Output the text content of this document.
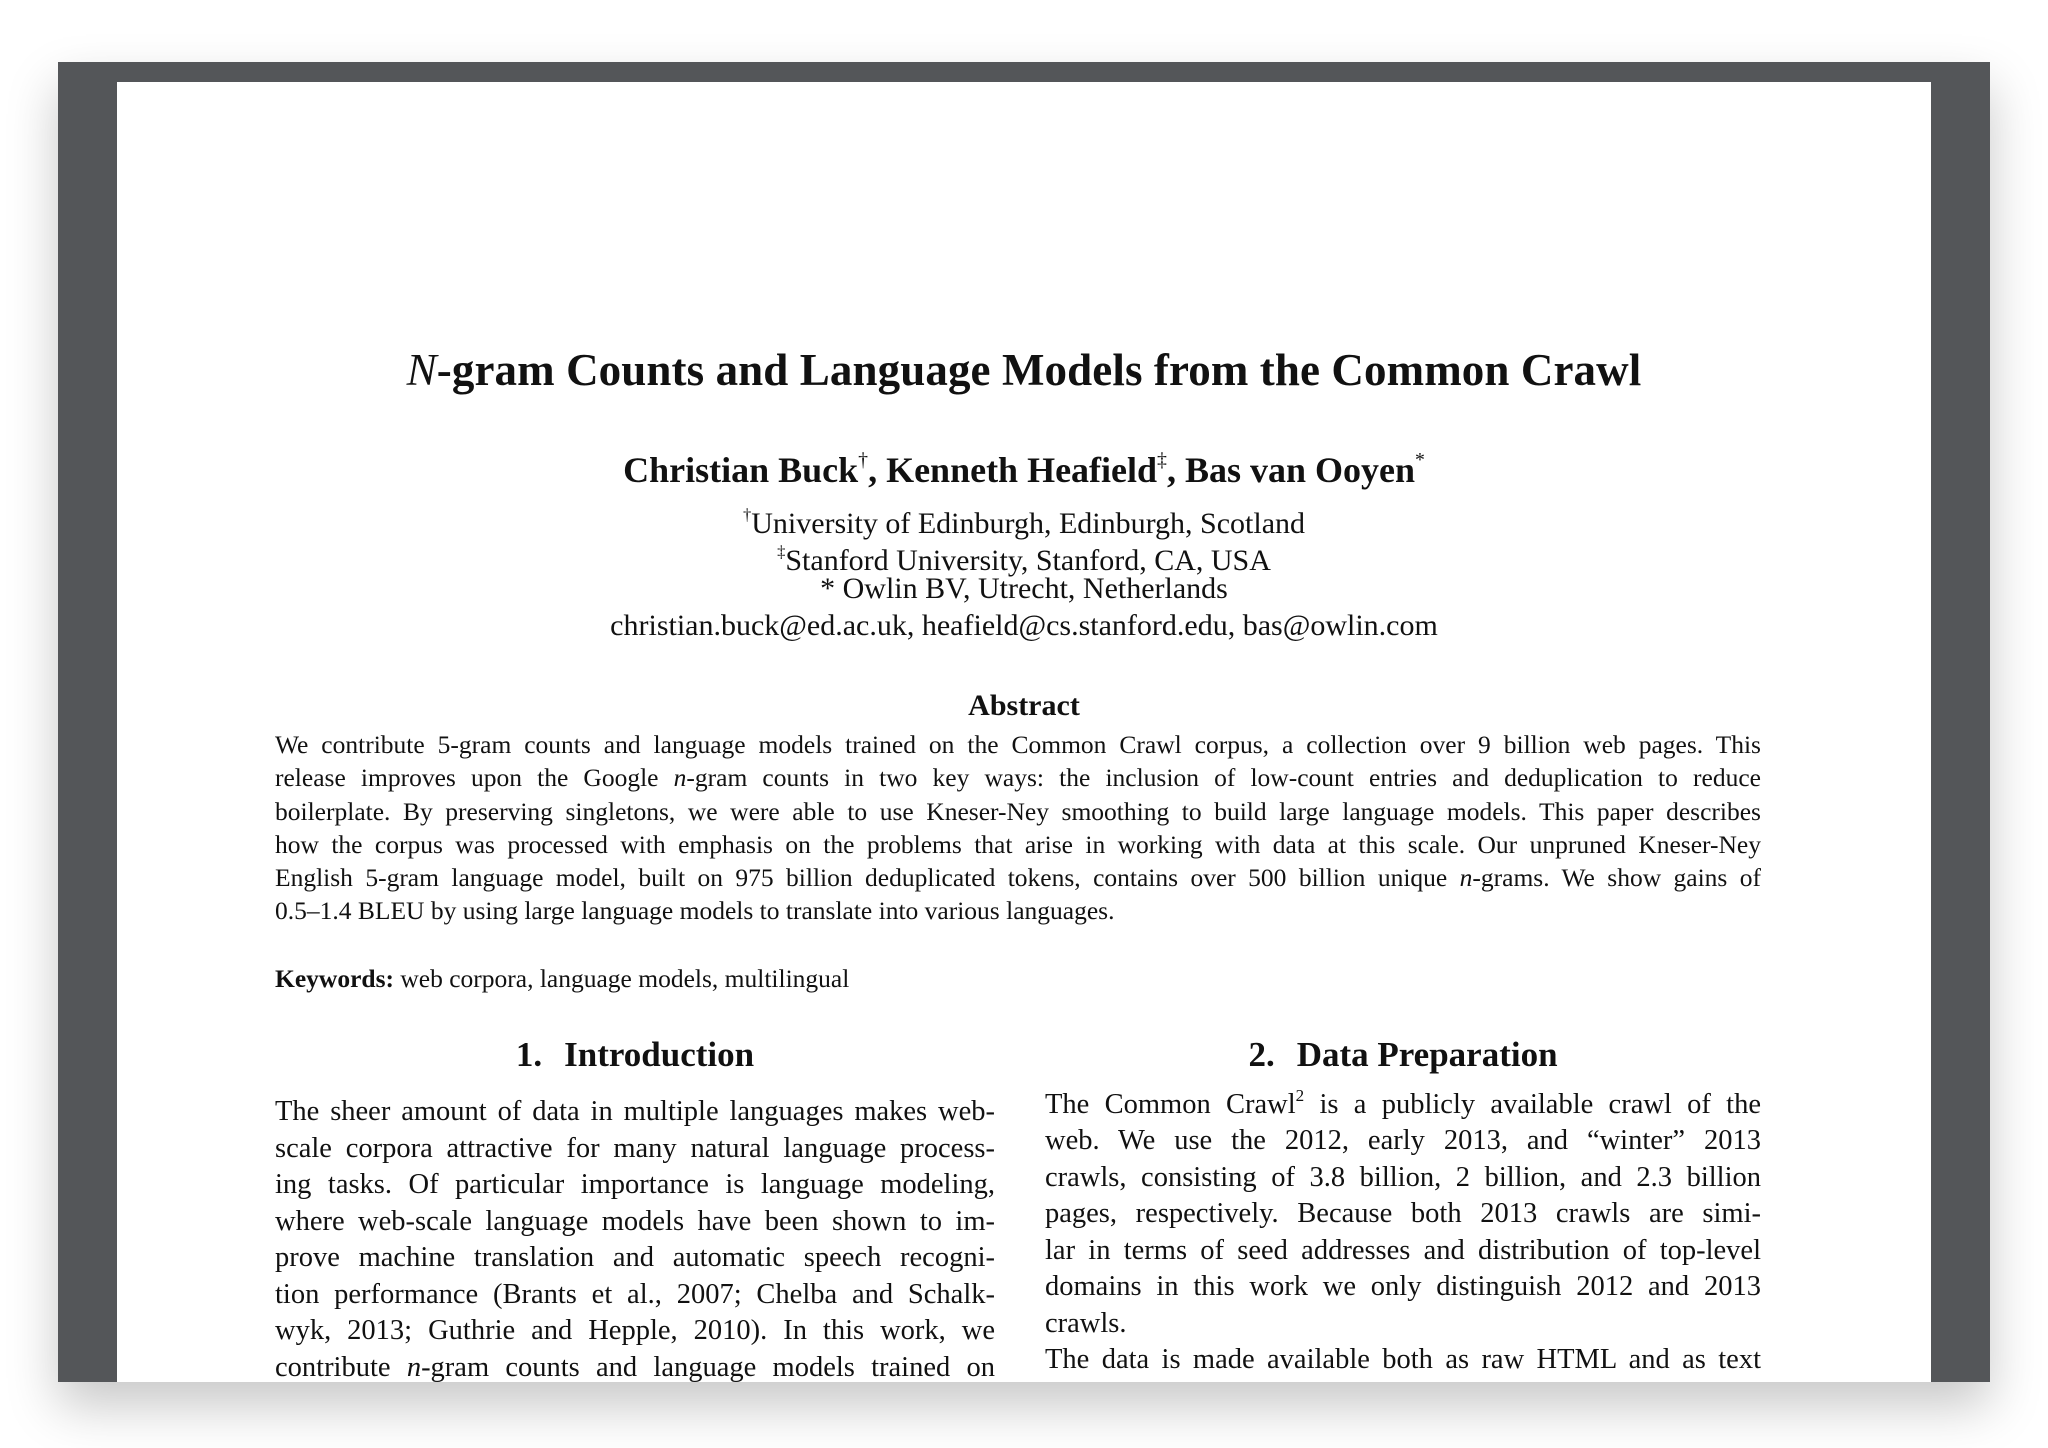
N-gram Counts and Language Models from the Common Crawl
Christian Buck†, Kenneth Heafield‡, Bas van Ooyen*
†University of Edinburgh, Edinburgh, Scotland
‡Stanford University, Stanford, CA, USA
* Owlin BV, Utrecht, Netherlands
christian.buck@ed.ac.uk, heafield@cs.stanford.edu, bas@owlin.com
Abstract
We contribute 5-gram counts and language models trained on the Common Crawl corpus, a collection over 9 billion web pages. This
release improves upon the Google n-gram counts in two key ways: the inclusion of low-count entries and deduplication to reduce
boilerplate. By preserving singletons, we were able to use Kneser-Ney smoothing to build large language models. This paper describes
how the corpus was processed with emphasis on the problems that arise in working with data at this scale. Our unpruned Kneser-Ney
English 5-gram language model, built on 975 billion deduplicated tokens, contains over 500 billion unique n-grams. We show gains of
0.5–1.4 BLEU by using large language models to translate into various languages.
Keywords: web corpora, language models, multilingual
1. Introduction	2. Data Preparation
The sheer amount of data in multiple languages makes web-
scale corpora attractive for many natural language process-
ing tasks. Of particular importance is language modeling,
where web-scale language models have been shown to im-
prove machine translation and automatic speech recogni-
tion performance (Brants et al., 2007; Chelba and Schalk-
wyk, 2013; Guthrie and Hepple, 2010). In this work, we
contribute n-gram counts and language models trained on
The Common Crawl$^2$ is a publicly available crawl of the
web. We use the 2012, early 2013, and “winter” 2013
crawls, consisting of 3.8 billion, 2 billion, and 2.3 billion
pages, respectively. Because both 2013 crawls are simi-
lar in terms of seed addresses and distribution of top-level
domains in this work we only distinguish 2012 and 2013
crawls.
The data is made available both as raw HTML and as text
